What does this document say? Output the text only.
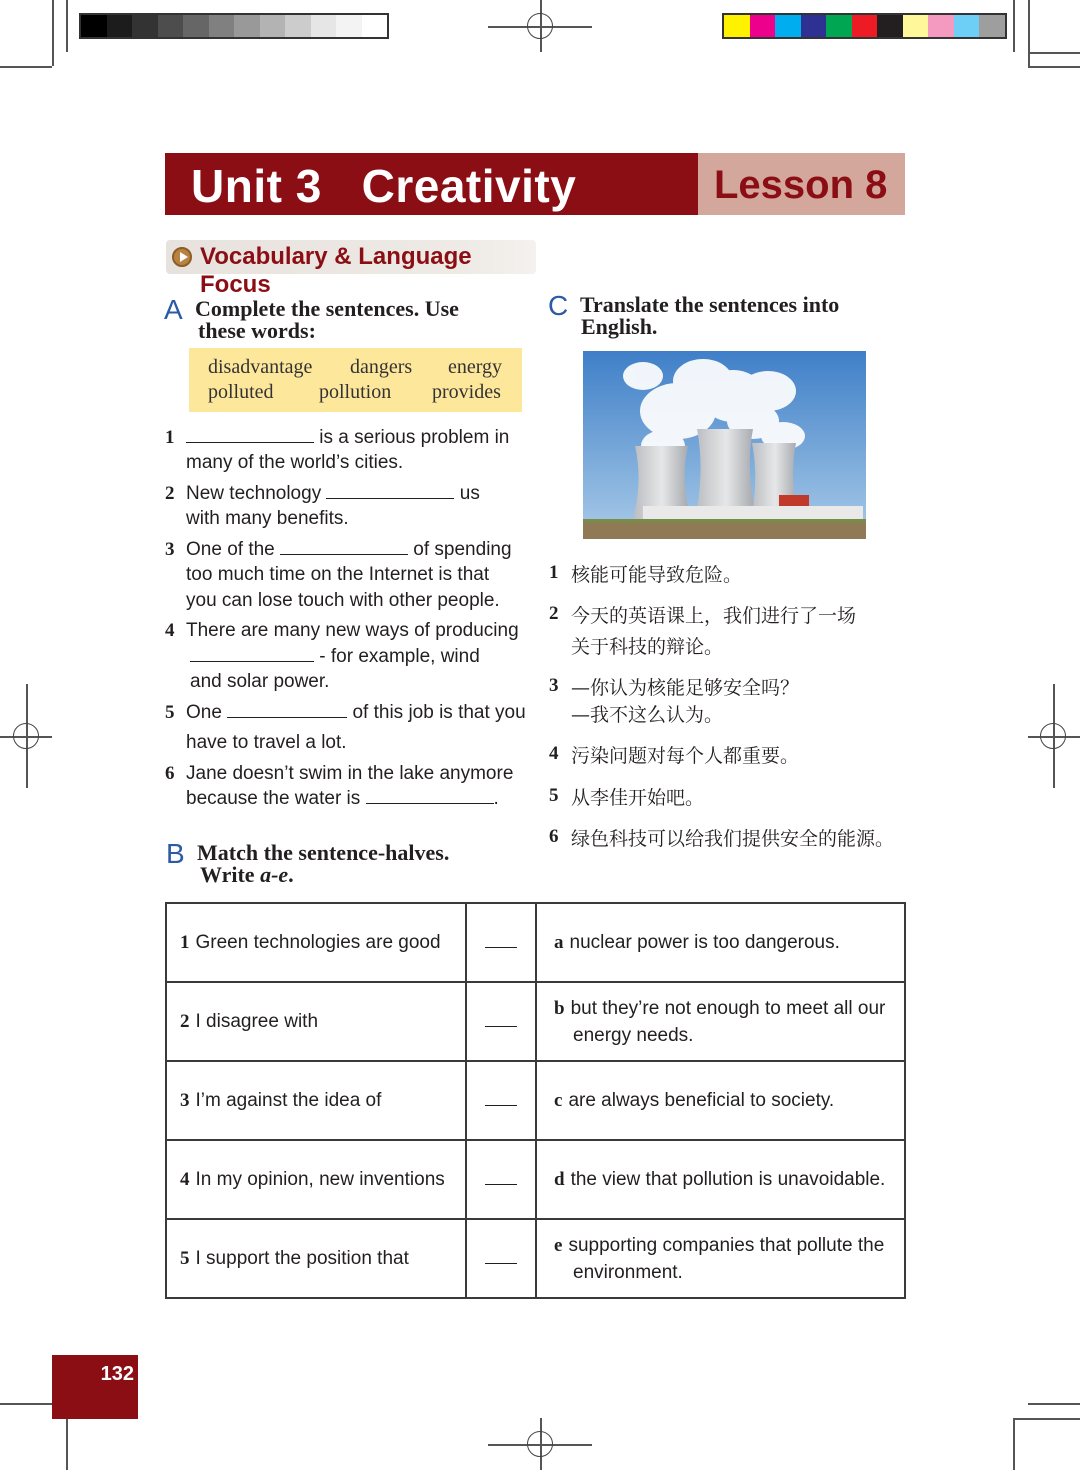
Unit 3   Creativity	Lesson 8
Vocabulary & Language Focus
A Complete the sentences. Use
these words:
disadvantage dangers energy
polluted pollution provides
1	is a serious problem in
many of the world’s cities.
2 New technology	us
with many benefits.
3 One of the	of spending
too much time on the Internet is that
you can lose touch with other people.
4 There are many new ways of producing
- for example, wind
and solar power.
5 One	of this job is that you
have to travel a lot.
6 Jane doesn’t swim in the lake anymore
because the water is	.
B Match the sentence-halves.
Write a-e.
C Translate the sentences into
English.
1 核能可能导致危险。
2 今天的英语课上，我们进行了一场
关于科技的辩论。
3 —你认为核能足够安全吗？
—我不这么认为。
4 污染问题对每个人都重要。
5 从李佳开始吧。
6 绿色科技可以给我们提供安全的能源。
1 Green technologies are good		a nuclear power is too dangerous.
2 I disagree with		b but they’re not enough to meet all our
energy needs.
3 I’m against the idea of		c are always beneficial to society.
4 In my opinion, new inventions		d the view that pollution is unavoidable.
5 I support the position that		e supporting companies that pollute the
environment.
132
